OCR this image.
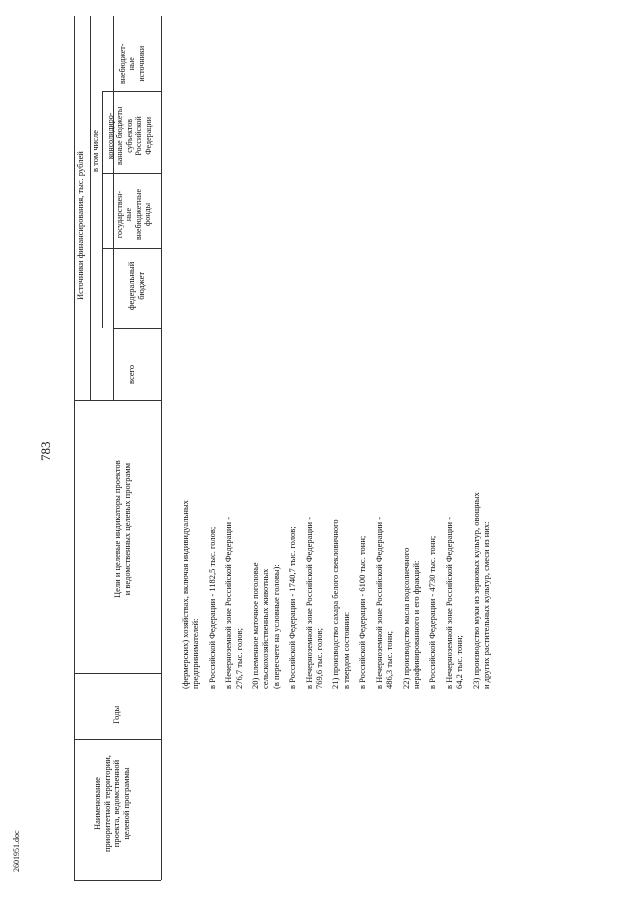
783
2601951.doc
Наименование приоритетной территории, проекта, ведомственной целевой программы
Годы
Цели и целевые индикаторы проектов и ведомственных целевых программ
Источники финансирования, тыс. рублей
в том числе
всего
федеральный бюджет
государствен- ные внебюджетные фонды
консолидиро- ванные бюджеты субъектов Российской Федерации
внебюджет- ные источники
(фермерских) хозяйствах, включая индивидуальных предпринимателей: в Российской Федерации - 1182,5 тыс. голов; в Нечерноземной зоне Российской Федерации - 276,7 тыс. голов; 20) племенное маточное поголовье сельскохозяйственных животных (в пересчете на условные головы): в Российской Федерации - 1740,7 тыс. голов; в Нечерноземной зоне Российской Федерации - 769,6 тыс. голов; 21) производство сахара белого свекловичного в твердом состоянии: в Российской Федерации - 6100 тыс. тонн; в Нечерноземной зоне Российской Федерации - 486,3 тыс. тонн; 22) производство масла подсолнечного нерафинированного и его фракций: в Российской Федерации - 4730 тыс. тонн; в Нечерноземной зоне Российской Федерации - 64,2 тыс. тонн; 23) производство муки из зерновых культур, овощных и других растительных культур, смеси из них:
